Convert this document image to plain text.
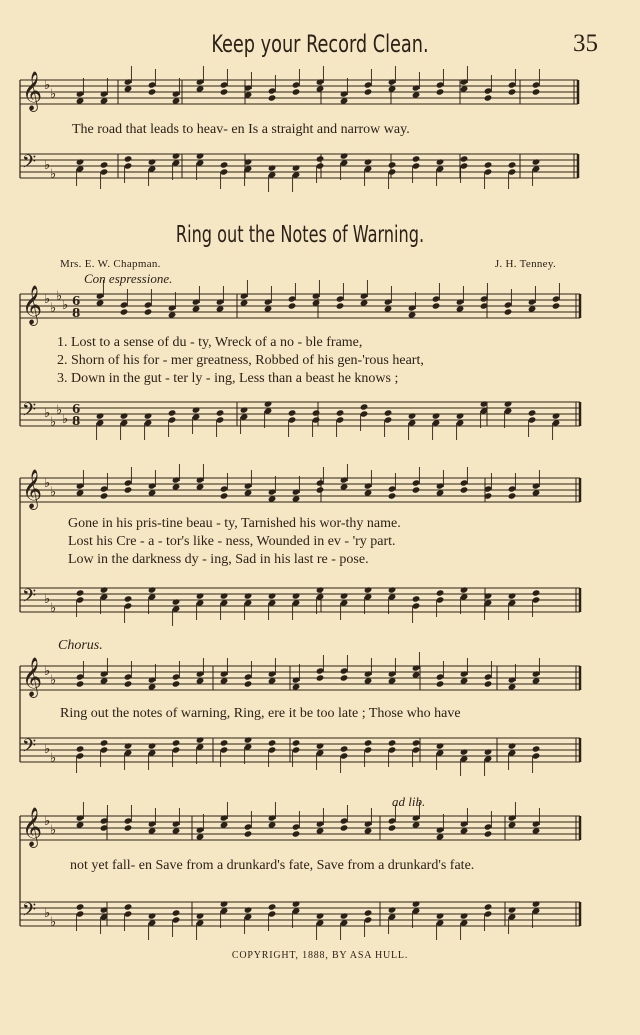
Keep your Record Clean.	35
𝄞 ♭
♭
𝄢 ♭
♭
The road that leads to heav- en Is a straight and narrow way.
Ring out the Notes of Warning.
Mrs. E. W. Chapman.	J. H. Tenney.
Con espressione.
𝄞 ♭
♭
♭
♭ 6
8
𝄢 ♭
♭
♭
♭
6
8
1. Lost to a sense of du - ty, Wreck of a no - ble frame,
2. Shorn of his for - mer greatness, Robbed of his gen-'rous heart,
3. Down in the gut - ter ly - ing, Less than a beast he knows ;
𝄞 ♭
♭
𝄢 ♭
♭
Gone in his pris-tine beau - ty, Tarnished his wor-thy name.
Lost his Cre - a - tor's like - ness, Wounded in ev - 'ry part.
Low in the darkness dy - ing, Sad in his last re - pose.
Chorus.
𝄞 ♭
♭
𝄢 ♭
♭
Ring out the notes of warning, Ring, ere it be too late ; Those who have
ad lib.
𝄞 ♭
♭
𝄢 ♭
♭
not yet fall- en Save from a drunkard's fate, Save from a drunkard's fate.
COPYRIGHT, 1888, BY ASA HULL.
